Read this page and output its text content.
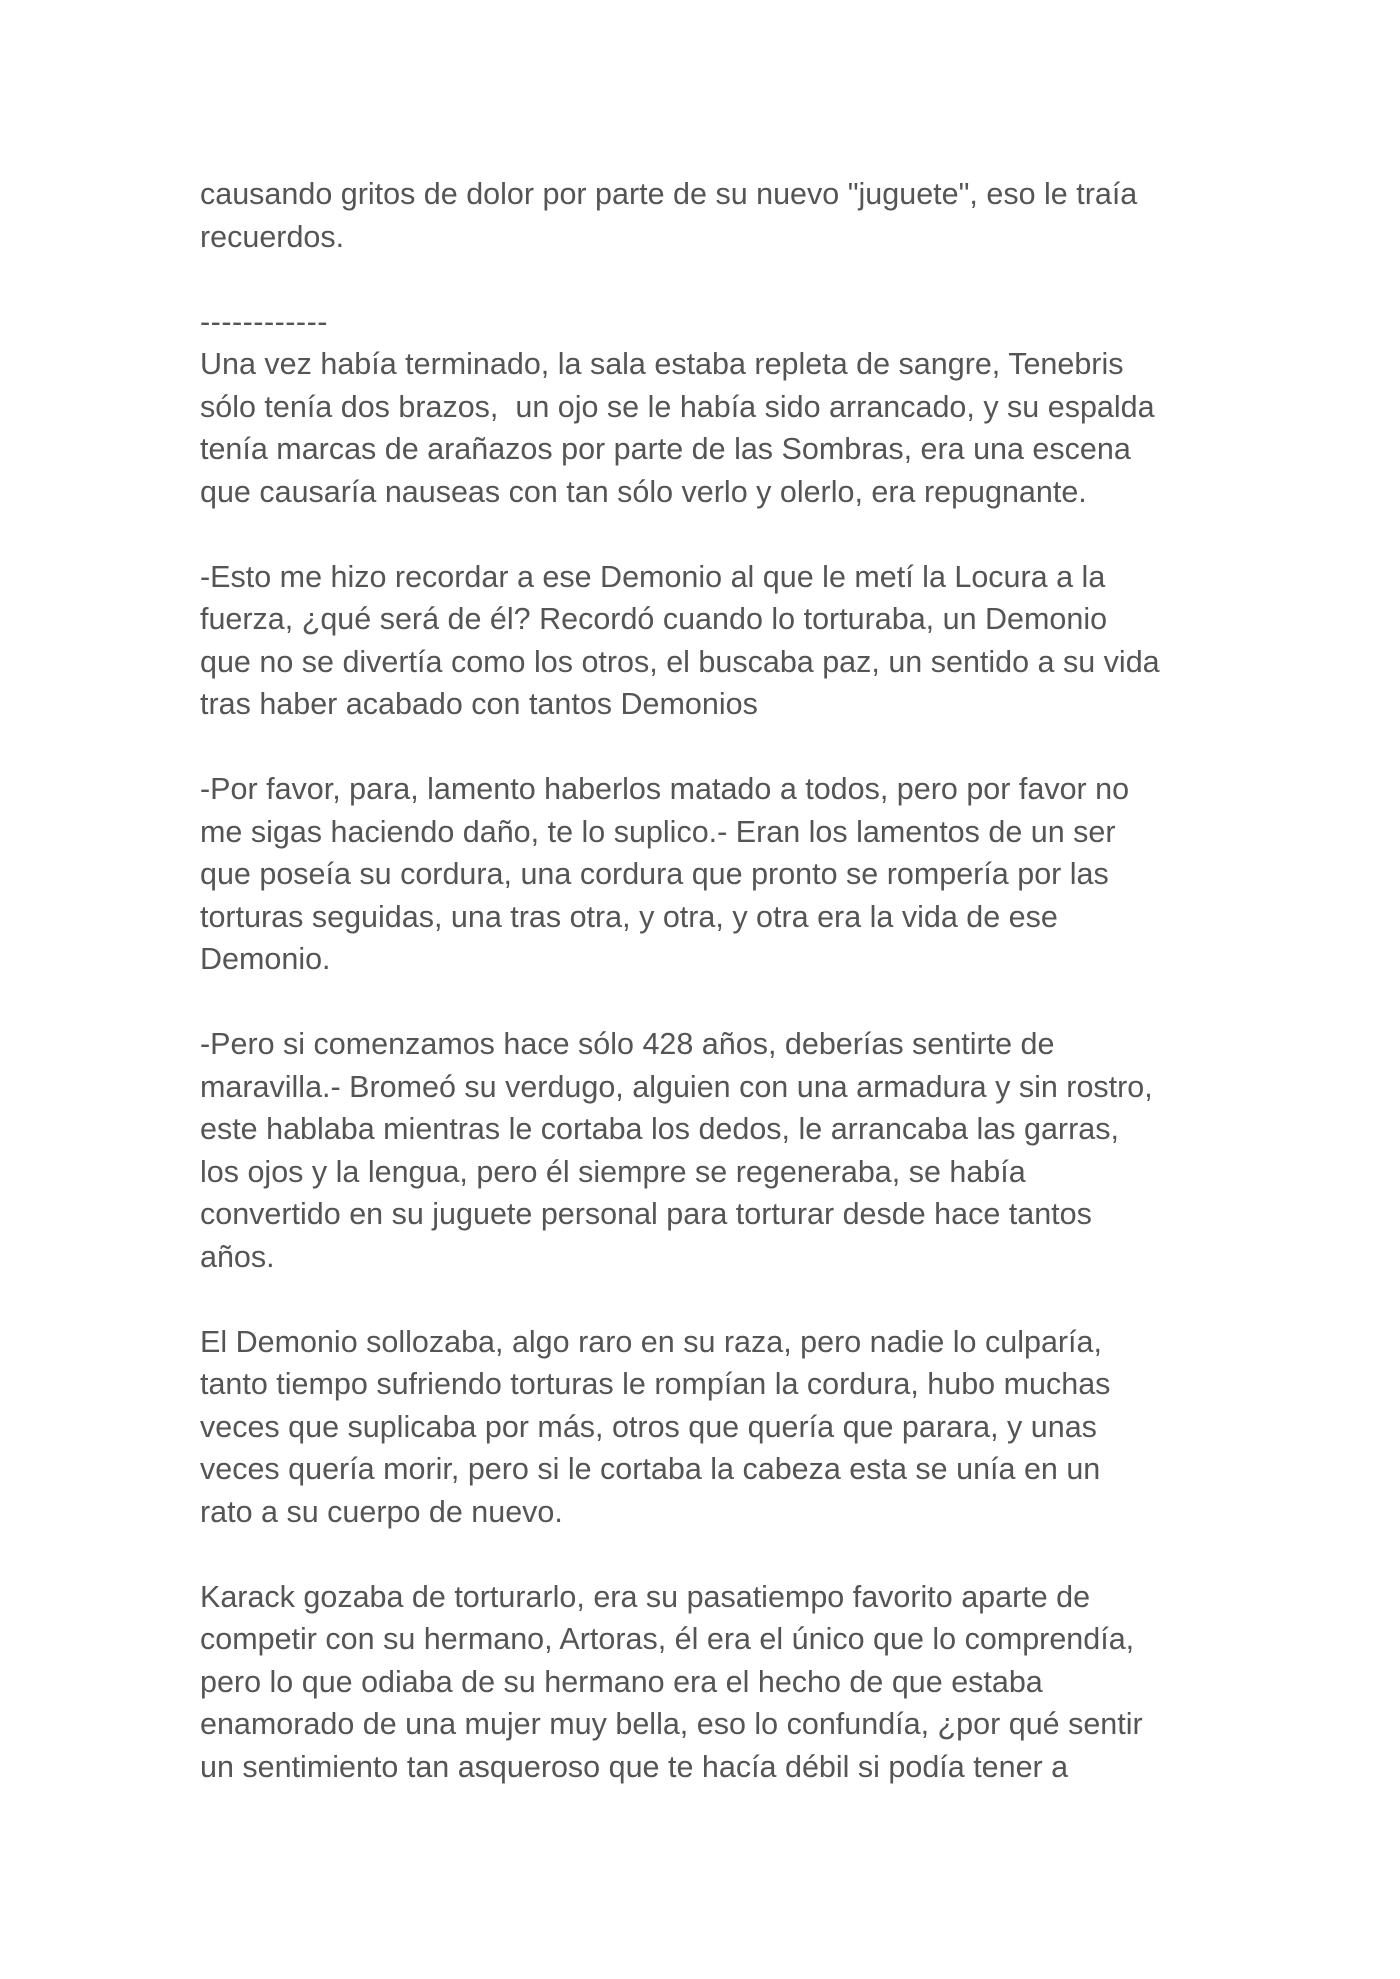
causando gritos de dolor por parte de su nuevo "juguete", eso le traía
recuerdos.

------------
Una vez había terminado, la sala estaba repleta de sangre, Tenebris
sólo tenía dos brazos,  un ojo se le había sido arrancado, y su espalda
tenía marcas de arañazos por parte de las Sombras, era una escena
que causaría nauseas con tan sólo verlo y olerlo, era repugnante.

-Esto me hizo recordar a ese Demonio al que le metí la Locura a la
fuerza, ¿qué será de él? Recordó cuando lo torturaba, un Demonio
que no se divertía como los otros, el buscaba paz, un sentido a su vida
tras haber acabado con tantos Demonios

-Por favor, para, lamento haberlos matado a todos, pero por favor no
me sigas haciendo daño, te lo suplico.- Eran los lamentos de un ser
que poseía su cordura, una cordura que pronto se rompería por las
torturas seguidas, una tras otra, y otra, y otra era la vida de ese
Demonio.

-Pero si comenzamos hace sólo 428 años, deberías sentirte de
maravilla.- Bromeó su verdugo, alguien con una armadura y sin rostro,
este hablaba mientras le cortaba los dedos, le arrancaba las garras,
los ojos y la lengua, pero él siempre se regeneraba, se había
convertido en su juguete personal para torturar desde hace tantos
años.

El Demonio sollozaba, algo raro en su raza, pero nadie lo culparía,
tanto tiempo sufriendo torturas le rompían la cordura, hubo muchas
veces que suplicaba por más, otros que quería que parara, y unas
veces quería morir, pero si le cortaba la cabeza esta se unía en un
rato a su cuerpo de nuevo.

Karack gozaba de torturarlo, era su pasatiempo favorito aparte de
competir con su hermano, Artoras, él era el único que lo comprendía,
pero lo que odiaba de su hermano era el hecho de que estaba
enamorado de una mujer muy bella, eso lo confundía, ¿por qué sentir
un sentimiento tan asqueroso que te hacía débil si podía tener a
